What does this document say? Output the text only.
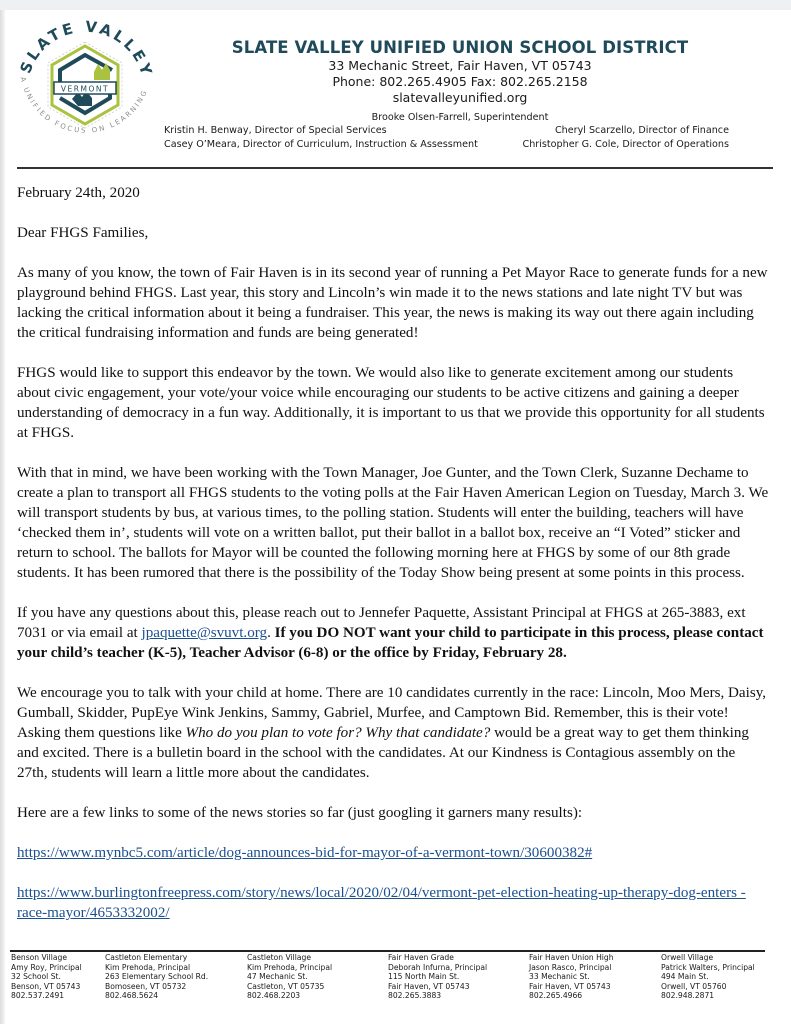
SLATE VALLEY
A UNIFIED FOCUS ON LEARNING
VERMONT
SLATE VALLEY UNIFIED UNION SCHOOL DISTRICT
33 Mechanic Street, Fair Haven, VT 05743
Phone: 802.265.4905 Fax: 802.265.2158
slatevalleyunified.org
Brooke Olsen-Farrell, Superintendent
Kristin H. Benway, Director of Special Services
Casey O’Meara, Director of Curriculum, Instruction & Assessment
Cheryl Scarzello, Director of Finance
Christopher G. Cole, Director of Operations

February 24th, 2020

Dear FHGS Families,

As many of you know, the town of Fair Haven is in its second year of running a Pet Mayor Race to generate funds for a new playground behind FHGS. Last year, this story and Lincoln’s win made it to the news stations and late night TV but was lacking the critical information about it being a fundraiser. This year, the news is making its way out there again including the critical fundraising information and funds are being generated!

FHGS would like to support this endeavor by the town. We would also like to generate excitement among our students about civic engagement, your vote/your voice while encouraging our students to be active citizens and gaining a deeper understanding of democracy in a fun way. Additionally, it is important to us that we provide this opportunity for all students at FHGS.

With that in mind, we have been working with the Town Manager, Joe Gunter, and the Town Clerk, Suzanne Dechame to create a plan to transport all FHGS students to the voting polls at the Fair Haven American Legion on Tuesday, March 3. We will transport students by bus, at various times, to the polling station. Students will enter the building, teachers will have ‘checked them in’, students will vote on a written ballot, put their ballot in a ballot box, receive an “I Voted” sticker and return to school. The ballots for Mayor will be counted the following morning here at FHGS by some of our 8th grade students. It has been rumored that there is the possibility of the Today Show being present at some points in this process.

If you have any questions about this, please reach out to Jennefer Paquette, Assistant Principal at FHGS at 265-3883, ext 7031 or via email at jpaquette@svuvt.org. If you DO NOT want your child to participate in this process, please contact your child’s teacher (K-5), Teacher Advisor (6-8) or the office by Friday, February 28.

We encourage you to talk with your child at home. There are 10 candidates currently in the race: Lincoln, Moo Mers, Daisy, Gumball, Skidder, PupEye Wink Jenkins, Sammy, Gabriel, Murfee, and Camptown Bid. Remember, this is their vote! Asking them questions like Who do you plan to vote for? Why that candidate? would be a great way to get them thinking and excited. There is a bulletin board in the school with the candidates. At our Kindness is Contagious assembly on the 27th, students will learn a little more about the candidates.

Here are a few links to some of the news stories so far (just googling it garners many results):

https://www.mynbc5.com/article/dog-announces-bid-for-mayor-of-a-vermont-town/30600382#

https://www.burlingtonfreepress.com/story/news/local/2020/02/04/vermont-pet-election-heating-up-therapy-dog-enters -race-mayor/4653332002/

Benson Village
Amy Roy, Principal
32 School St.
Benson, VT 05743
802.537.2491
Castleton Elementary
Kim Prehoda, Principal
263 Elementary School Rd.
Bomoseen, VT 05732
802.468.5624
Castleton Village
Kim Prehoda, Principal
47 Mechanic St.
Castleton, VT 05735
802.468.2203
Fair Haven Grade
Deborah Infurna, Principal
115 North Main St.
Fair Haven, VT 05743
802.265.3883
Fair Haven Union High
Jason Rasco, Principal
33 Mechanic St.
Fair Haven, VT 05743
802.265.4966
Orwell Village
Patrick Walters, Principal
494 Main St.
Orwell, VT 05760
802.948.2871
